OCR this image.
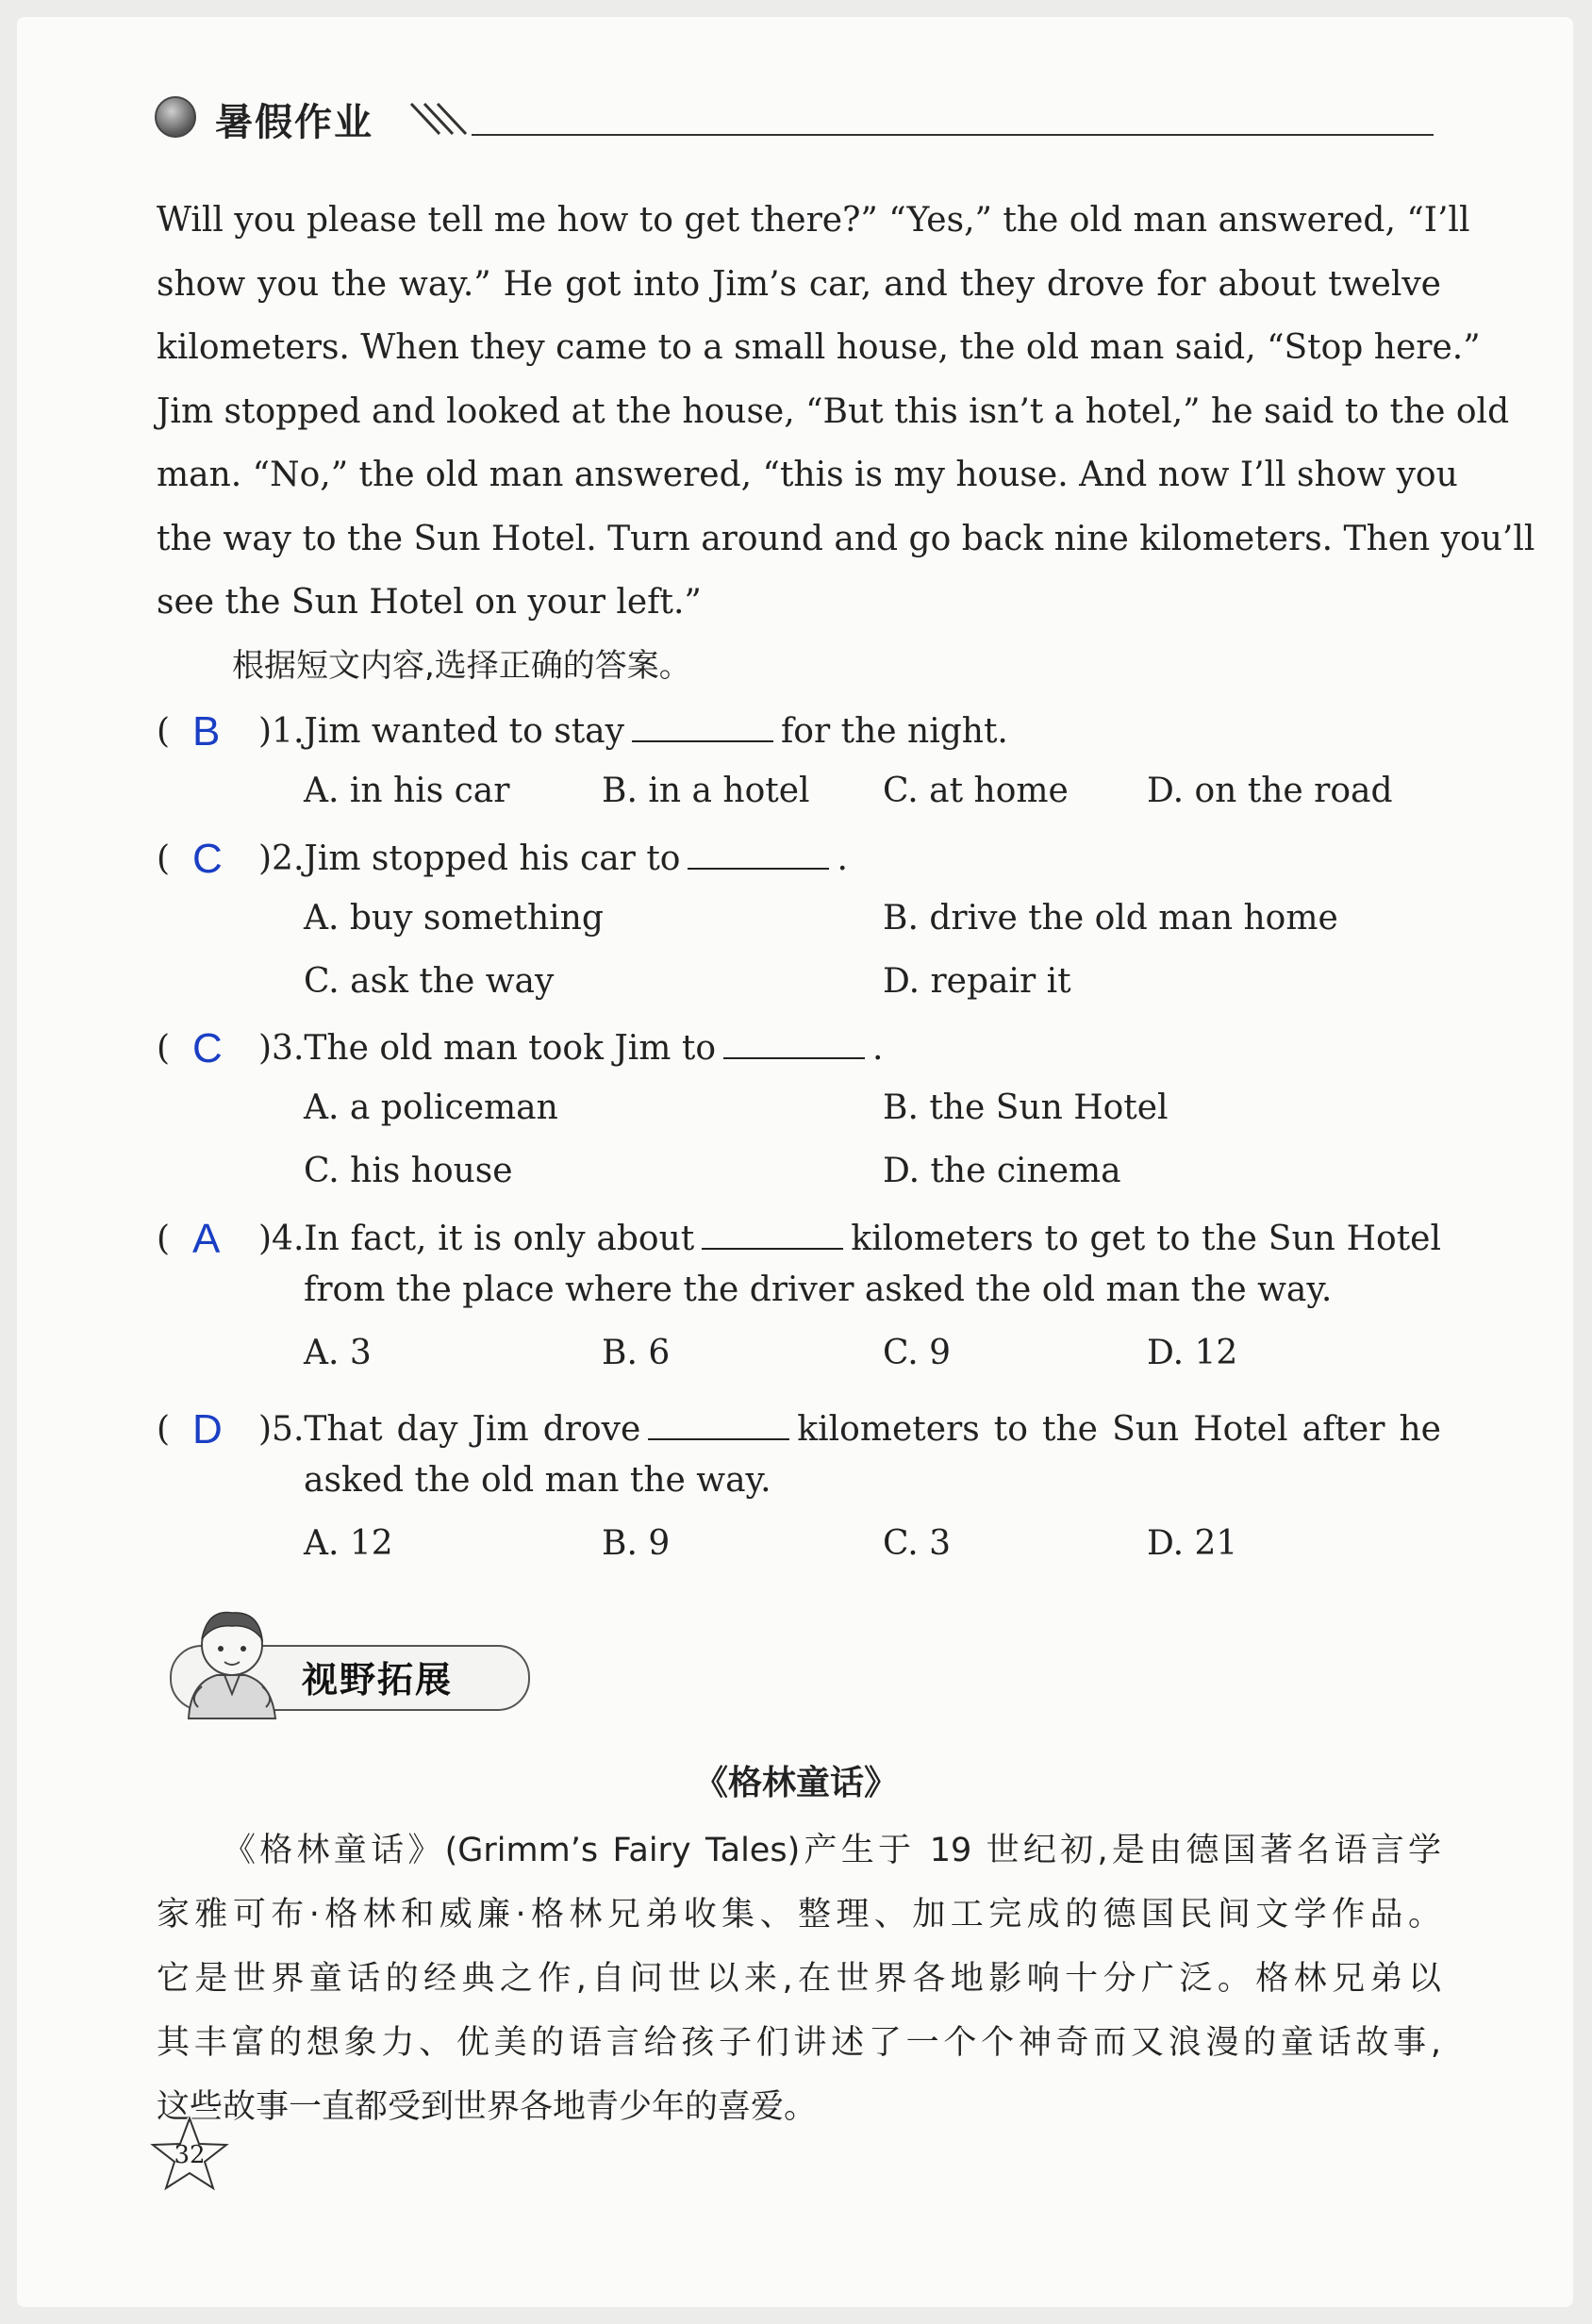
暑假作业
Will you please tell me how to get there?” “Yes,” the old man answered, “I’ll
show you the way.” He got into Jim’s car, and they drove for about twelve
kilometers. When they came to a small house, the old man said, “Stop here.”
Jim stopped and looked at the house, “But this isn’t a hotel,” he said to the old
man. “No,” the old man answered, “this is my house. And now I’ll show you
the way to the Sun Hotel. Turn around and go back nine kilometers. Then you’ll
see the Sun Hotel on your left.”
根据短文内容,选择正确的答案。
( B )1.Jim wanted to stay	for the night.
A. in his car	B. in a hotel C. at home D. on the road
( C )2.Jim stopped his car to	.
A. buy something	B. drive the old man home
C. ask the way	D. repair it
( C )3.The old man took Jim to	.
A. a policeman	B. the Sun Hotel
C. his house	D. the cinema
( A )4.In fact, it is only about	kilometers to get to the Sun Hotel
from the place where the driver asked the old man the way.
A. 3	B. 6	C. 9	D. 12
( D )5.That day Jim drove	kilometers to the Sun Hotel after he
asked the old man the way.
A. 12	B. 9	C. 3	D. 21
视野拓展
《格林童话》
《格林童话》(Grimm’s Fairy Tales)产生于 19 世纪初,是由德国著名语言学
家雅可布·格林和威廉·格林兄弟收集、整理、加工完成的德国民间文学作品。
它是世界童话的经典之作,自问世以来,在世界各地影响十分广泛。格林兄弟以
其丰富的想象力、优美的语言给孩子们讲述了一个个神奇而又浪漫的童话故事,
这些故事一直都受到世界各地青少年的喜爱。
32
